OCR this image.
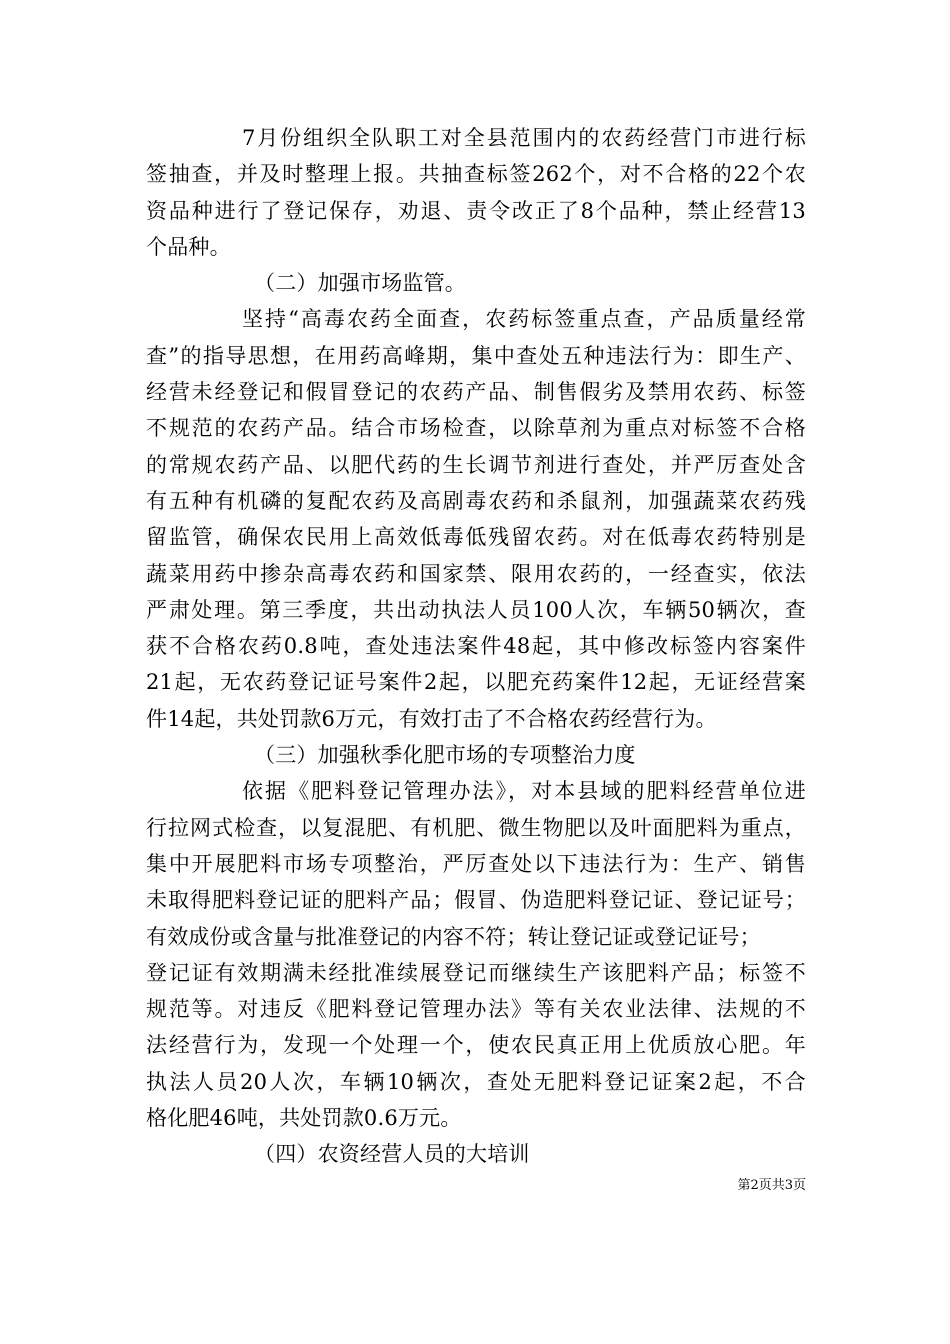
7月份组织全队职工对全县范围内的农药经营门市进行标
签抽查，并及时整理上报。共抽查标签262个，对不合格的22个农
资品种进行了登记保存，劝退、责令改正了8个品种，禁止经营13
个品种。
（二）加强市场监管。
坚持“高毒农药全面查，农药标签重点查，产品质量经常
查”的指导思想，在用药高峰期，集中查处五种违法行为：即生产、
经营未经登记和假冒登记的农药产品、制售假劣及禁用农药、标签
不规范的农药产品。结合市场检查，以除草剂为重点对标签不合格
的常规农药产品、以肥代药的生长调节剂进行查处，并严厉查处含
有五种有机磷的复配农药及高剧毒农药和杀鼠剂，加强蔬菜农药残
留监管，确保农民用上高效低毒低残留农药。对在低毒农药特别是
蔬菜用药中掺杂高毒农药和国家禁、限用农药的，一经查实，依法
严肃处理。第三季度，共出动执法人员100人次，车辆50辆次，查
获不合格农药0.8吨，查处违法案件48起，其中修改标签内容案件
21起，无农药登记证号案件2起，以肥充药案件12起，无证经营案
件14起，共处罚款6万元，有效打击了不合格农药经营行为。
（三）加强秋季化肥市场的专项整治力度
依据《肥料登记管理办法》，对本县域的肥料经营单位进
行拉网式检查，以复混肥、有机肥、微生物肥以及叶面肥料为重点，
集中开展肥料市场专项整治，严厉查处以下违法行为：生产、销售
未取得肥料登记证的肥料产品；假冒、伪造肥料登记证、登记证号；
有效成份或含量与批准登记的内容不符；转让登记证或登记证号；
登记证有效期满未经批准续展登记而继续生产该肥料产品；标签不
规范等。对违反《肥料登记管理办法》等有关农业法律、法规的不
法经营行为，发现一个处理一个，使农民真正用上优质放心肥。年
执法人员20人次，车辆10辆次，查处无肥料登记证案2起，不合
格化肥46吨，共处罚款0.6万元。
（四）农资经营人员的大培训
第2页共3页
